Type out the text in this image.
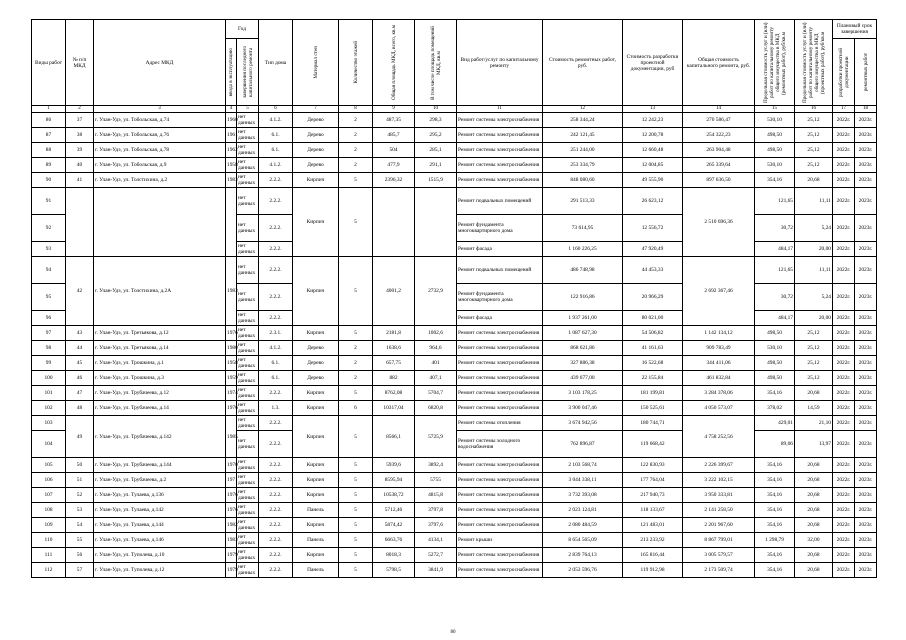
Виды работ	№ п/п МКД	Адрес МКД	Год		Тип дома	Материал стен	Количество этажей	Общая площадь МКД, всего, кв.м	В том числе площадь помещений МКД, кв.м	Вид работ/услуг по капитальному ремонту	Стоимость ремонтных работ, руб.	Стоимость разработки проектной документации, руб	Общая стоимость капитального ремонта, руб.	Предельная стоимость услуг и (или) работ по капитальному ремонту общего имущества в МКД (ремонтных работ), руб/кв.м	Предельная стоимость услуг и (или) работ по капитальному ремонту общего имущества в МКД (проектных работ), руб/кв.м	Плановый срок завершения	

			ввода в эксплуатацию	завершения последнего капитального ремонта												разработки проектной документации	ремонтных работ

1	2	3	4	5	6	7	8	9	10	11	12	13	14	15	16	17	18
86	37	г. Улан-Удэ, ул. Тобольская, д.74	1960	нет данных	4.1.2.	Дерево	2	487,35	298,3	Ремонт системы электроснабжения	258 344,24	12 242,23	270 586,47	530,10	25,12	2022г.	2023г.
87	38	г. Улан-Удэ, ул. Тобольская, д.76	1961	нет данных	6.1.	Дерево	2	485,7	295,2	Ремонт системы электроснабжения	242 121,45	12 200,78	254 322,23	498,50	25,12	2022г.	2023г.
88	39	г. Улан-Удэ, ул. Тобольская, д.78	1962	нет данных	6.1.	Дерево	2	504	285,1	Ремонт системы электроснабжения	251 244,00	12 660,48	263 904,48	498,50	25,12	2022г.	2023г.
89	40	г. Улан-Удэ, ул. Тобольская, д.9	1958	нет данных	4.1.2.	Дерево	2	477,9	291,1	Ремонт системы электроснабжения	253 334,79	12 004,85	265 339,64	530,10	25,12	2022г.	2023г.
90	41	г. Улан-Удэ, ул. Толстихина, д.2	1983	нет данных	2.2.2.	Кирпич	5	2396,32	1515,9	Ремонт системы электроснабжения	848 080,60	49 555,90	897 636,50	354,16	20,68	2022г.	2023г.
91				нет данных	2.2.2.	Кирпич	5			Ремонт подвальных помещений	291 513,33	26 623,12	2 510 696,36	121,65	11,11	2022г.	2023г.
92				нет данных	2.2.2.					Ремонт фундамента многоквартирного дома	73 614,95	12 556,72		30,72	5,24	2022г.	2023г.
93				нет данных	2.2.2.					Ремонт фасада	1 160 226,25	47 920,49		484,17	20,00	2022г.	2023г.
94	42	г. Улан-Удэ, ул. Толстихина, д.2А	1983	нет данных	2.2.2.	Кирпич	5	4001,2	2732,9	Ремонт подвальных помещений	486 748,98	44 453,33	2 692 367,46	121,65	11,11	2022г.	2023г.
95				нет данных	2.2.2.					Ремонт фундамента многоквартирного дома	122 916,86	20 966,29		30,72	5,24	2022г.	2023г.
96				нет данных	2.2.2.					Ремонт фасада	1 937 261,00	80 021,00		484,17	20,00	2022г.	2023г.
97	43	г. Улан-Удэ, ул. Третьякова, д.12	1976	нет данных	2.3.1.	Кирпич	5	2181,8	1002,6	Ремонт системы электроснабжения	1 087 627,30	54 506,82	1 142 134,12	498,50	25,12	2022г.	2023г.
98	44	г. Улан-Удэ, ул. Третьякова, д.14	1980	нет данных	4.1.2.	Дерево	2	1638,6	964,6	Ремонт системы электроснабжения	868 621,86	41 161,63	909 783,49	530,10	25,12	2022г.	2023г.
99	45	г. Улан-Удэ, ул. Трошкина, д.1	1958	нет данных	6.1.	Дерево	2	657,75	401	Ремонт системы электроснабжения	327 886,38	16 522,68	344 411,06	498,50	25,12	2022г.	2023г.
100	46	г. Улан-Удэ, ул. Трошкина, д.3	1959	нет данных	6.1.	Дерево	2	882	407,1	Ремонт системы электроснабжения	439 677,00	22 155,84	461 832,84	498,50	25,12	2022г.	2023г.
101	47	г. Улан-Удэ, ул. Трубачеева, д.12	1974	нет данных	2.2.2.	Кирпич	5	8762,08	5704,7	Ремонт системы электроснабжения	3 103 178,25	181 199,81	3 284 378,06	354,16	20,68	2022г.	2023г.
102	48	г. Улан-Удэ, ул. Трубачеева, д.14	1976	нет данных	1.3.	Кирпич	6	10317,04	6820,8	Ремонт системы электроснабжения	3 900 047,46	150 525,61	4 050 573,07	378,02	14,59	2022г.	2023г.
103	49	г. Улан-Удэ, ул. Трубачеева, д.142	1985	нет данных	2.2.2.	Кирпич	5	8566,1	5725,9	Ремонт системы отопления	3 674 942,56	180 744,71	4 758 252,56	429,01	21,10	2022г.	2023г.
104				нет данных	2.2.2.					Ремонт системы холодного водоснабжения	762 896,87	119 668,42		89,06	13,97	2022г.	2023г.
105	50	г. Улан-Удэ, ул. Трубачеева, д.144	1970	нет данных	2.2.2.	Кирпич	5	5939,6	3892,4	Ремонт системы электроснабжения	2 103 568,74	122 830,93	2 226 399,67	354,16	20,68	2022г.	2023г.
106	51	г. Улан-Удэ, ул. Трубачеева, д.2	1971	нет данных	2.2.2.	Кирпич	5	8595,94	5755	Ремонт системы электроснабжения	3 044 338,11	177 764,04	3 222 102,15	354,16	20,68	2022г.	2023г.
107	52	г. Улан-Удэ, ул. Тулаева, д.136	1976	нет данных	2.2.2.	Кирпич	5	10538,72	4815,8	Ремонт системы электроснабжения	3 732 393,08	217 940,73	3 950 333,81	354,16	20,68	2022г.	2023г.
108	53	г. Улан-Удэ, ул. Тулаева, д.142	1976	нет данных	2.2.2.	Панель	5	5712,46	3797,8	Ремонт системы электроснабжения	2 023 124,81	118 133,67	2 141 258,50	354,16	20,68	2022г.	2023г.
109	54	г. Улан-Удэ, ул. Тулаева, д.144	1982	нет данных	2.2.2.	Кирпич	5	5874,42	3797,6	Ремонт системы электроснабжения	2 080 484,59	121 483,01	2 201 967,60	354,16	20,68	2022г.	2023г.
110	55	г. Улан-Удэ, ул. Тулаева, д.146	1983	нет данных	2.2.2.	Панель	5	6663,76	4134,1	Ремонт крыши	8 654 565,09	213 233,92	8 867 799,01	1 298,79	32,00	2022г.	2023г.
111	56	г. Улан-Удэ, ул. Туполева, д.10	1979	нет данных	2.2.2.	Кирпич	5	8018,3	5272,7	Ремонт системы электроснабжения	2 839 764,13	165 816,44	3 005 579,57	354,16	20,68	2022г.	2023г.
112	57	г. Улан-Удэ, ул. Туполева, д.12	1979	нет данных	2.2.2.	Панель	5	5798,5	3841,9	Ремонт системы электроснабжения	2 053 596,76	119 912,98	2 173 509,74	354,16	20,68	2022г.	2023г.
80
